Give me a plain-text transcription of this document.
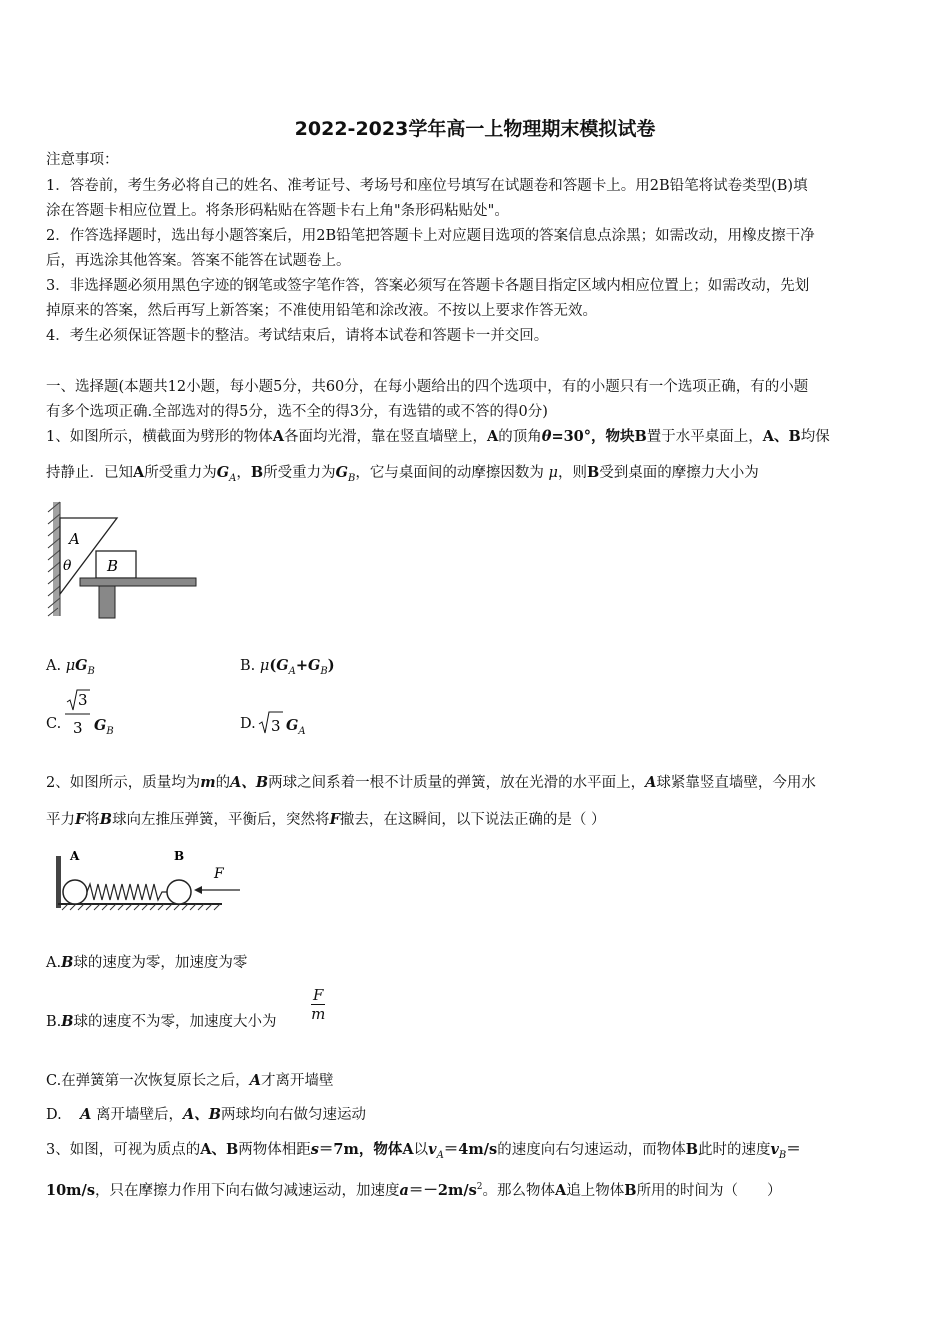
2022-2023学年高一上物理期末模拟试卷
注意事项：
1．答卷前，考生务必将自己的姓名、准考证号、考场号和座位号填写在试题卷和答题卡上。用2B铅笔将试卷类型(B)填
涂在答题卡相应位置上。将条形码粘贴在答题卡右上角"条形码粘贴处"。
2．作答选择题时，选出每小题答案后，用2B铅笔把答题卡上对应题目选项的答案信息点涂黑；如需改动，用橡皮擦干净
后，再选涂其他答案。答案不能答在试题卷上。
3．非选择题必须用黑色字迹的钢笔或签字笔作答，答案必须写在答题卡各题目指定区域内相应位置上；如需改动，先划
掉原来的答案，然后再写上新答案；不准使用铅笔和涂改液。不按以上要求作答无效。
4．考生必须保证答题卡的整洁。考试结束后，请将本试卷和答题卡一并交回。
一、选择题(本题共12小题，每小题5分，共60分，在每小题给出的四个选项中，有的小题只有一个选项正确，有的小题
有多个选项正确.全部选对的得5分，选不全的得3分，有选错的或不答的得0分)
1、如图所示，横截面为劈形的物体A各面均光滑，靠在竖直墙壁上，A的顶角θ=30°，物块B置于水平桌面上，A、B均保
持静止．已知A所受重力为$G_A$，B所受重力为$G_B$，它与桌面间的动摩擦因数为 μ，则B受到桌面的摩擦力大小为
A
θ B
A. $\mu G_B$	B. $\mu(G_A+G_B)$
C.
3
3 $G_B$	D. 3 $G_A$
2、如图所示，质量均为m的A、B两球之间系着一根不计质量的弹簧，放在光滑的水平面上，A球紧靠竖直墙壁，今用水
平力F将B球向左推压弹簧，平衡后，突然将F撤去，在这瞬间，以下说法正确的是（ ）
A	B
F
A.B球的速度为零，加速度为零
B.B球的速度不为零，加速度大小为 $\frac{F}{m}$
C.在弹簧第一次恢复原长之后，A才离开墙壁
D. A 离开墙壁后，A、B两球均向右做匀速运动
3、如图，可视为质点的A、B两物体相距s＝7m，物体A以$v_A=4m/s$的速度向右匀速运动，而物体B此时的速度$v_B=$
10m/s，只在摩擦力作用下向右做匀减速运动，加速度$a=-2m/s^2$。那么物体A追上物体B所用的时间为（　　）
